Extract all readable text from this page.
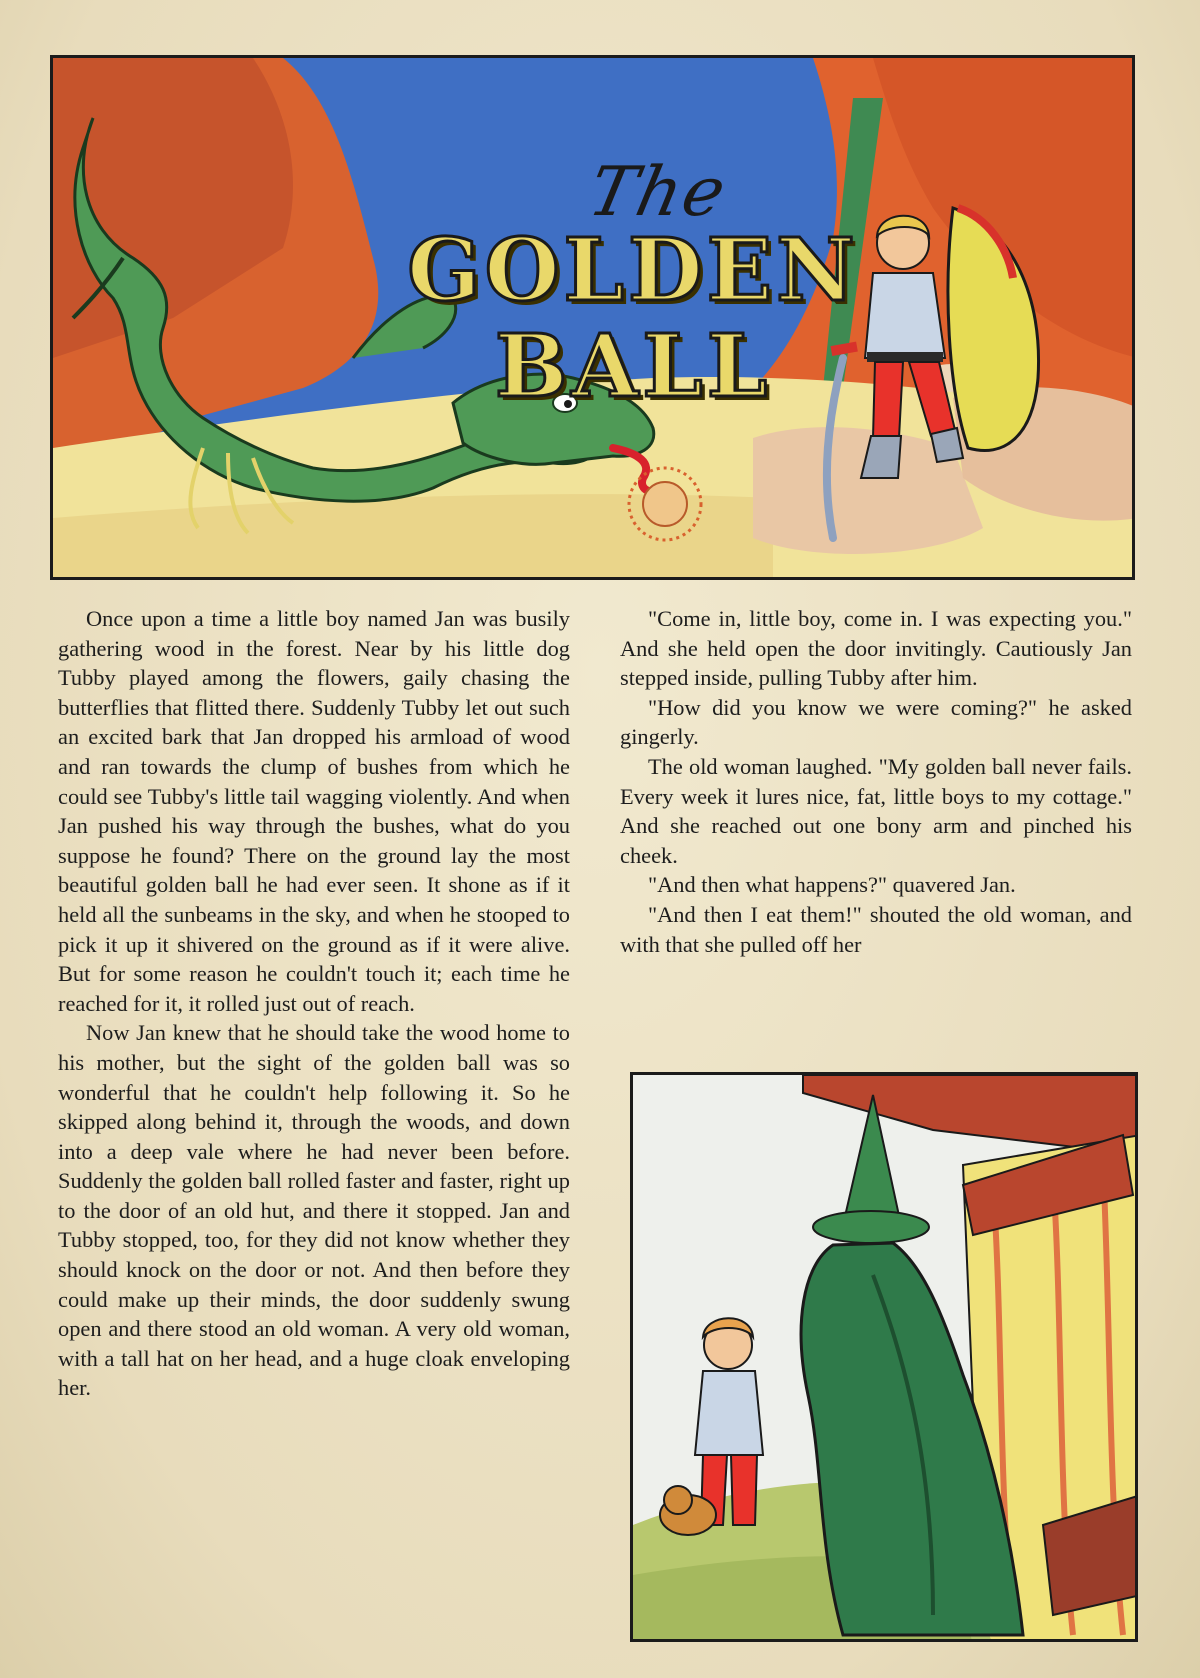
The
GOLDEN
BALL

Once upon a time a little boy named Jan was busily gathering wood in the forest. Near by his little dog Tubby played among the flowers, gaily chasing the butterflies that flitted there. Suddenly Tubby let out such an excited bark that Jan dropped his armload of wood and ran towards the clump of bushes from which he could see Tubby's little tail wagging violently. And when Jan pushed his way through the bushes, what do you suppose he found? There on the ground lay the most beautiful golden ball he had ever seen. It shone as if it held all the sunbeams in the sky, and when he stooped to pick it up it shivered on the ground as if it were alive. But for some reason he couldn't touch it; each time he reached for it, it rolled just out of reach.

Now Jan knew that he should take the wood home to his mother, but the sight of the golden ball was so wonderful that he couldn't help following it. So he skipped along behind it, through the woods, and down into a deep vale where he had never been before. Suddenly the golden ball rolled faster and faster, right up to the door of an old hut, and there it stopped. Jan and Tubby stopped, too, for they did not know whether they should knock on the door or not. And then before they could make up their minds, the door suddenly swung open and there stood an old woman. A very old woman, with a tall hat on her head, and a huge cloak enveloping her.

"Come in, little boy, come in. I was expecting you." And she held open the door invitingly. Cautiously Jan stepped inside, pulling Tubby after him.

"How did you know we were coming?" he asked gingerly.

The old woman laughed. "My golden ball never fails. Every week it lures nice, fat, little boys to my cottage." And she reached out one bony arm and pinched his cheek.

"And then what happens?" quavered Jan.

"And then I eat them!" shouted the old woman, and with that she pulled off her
